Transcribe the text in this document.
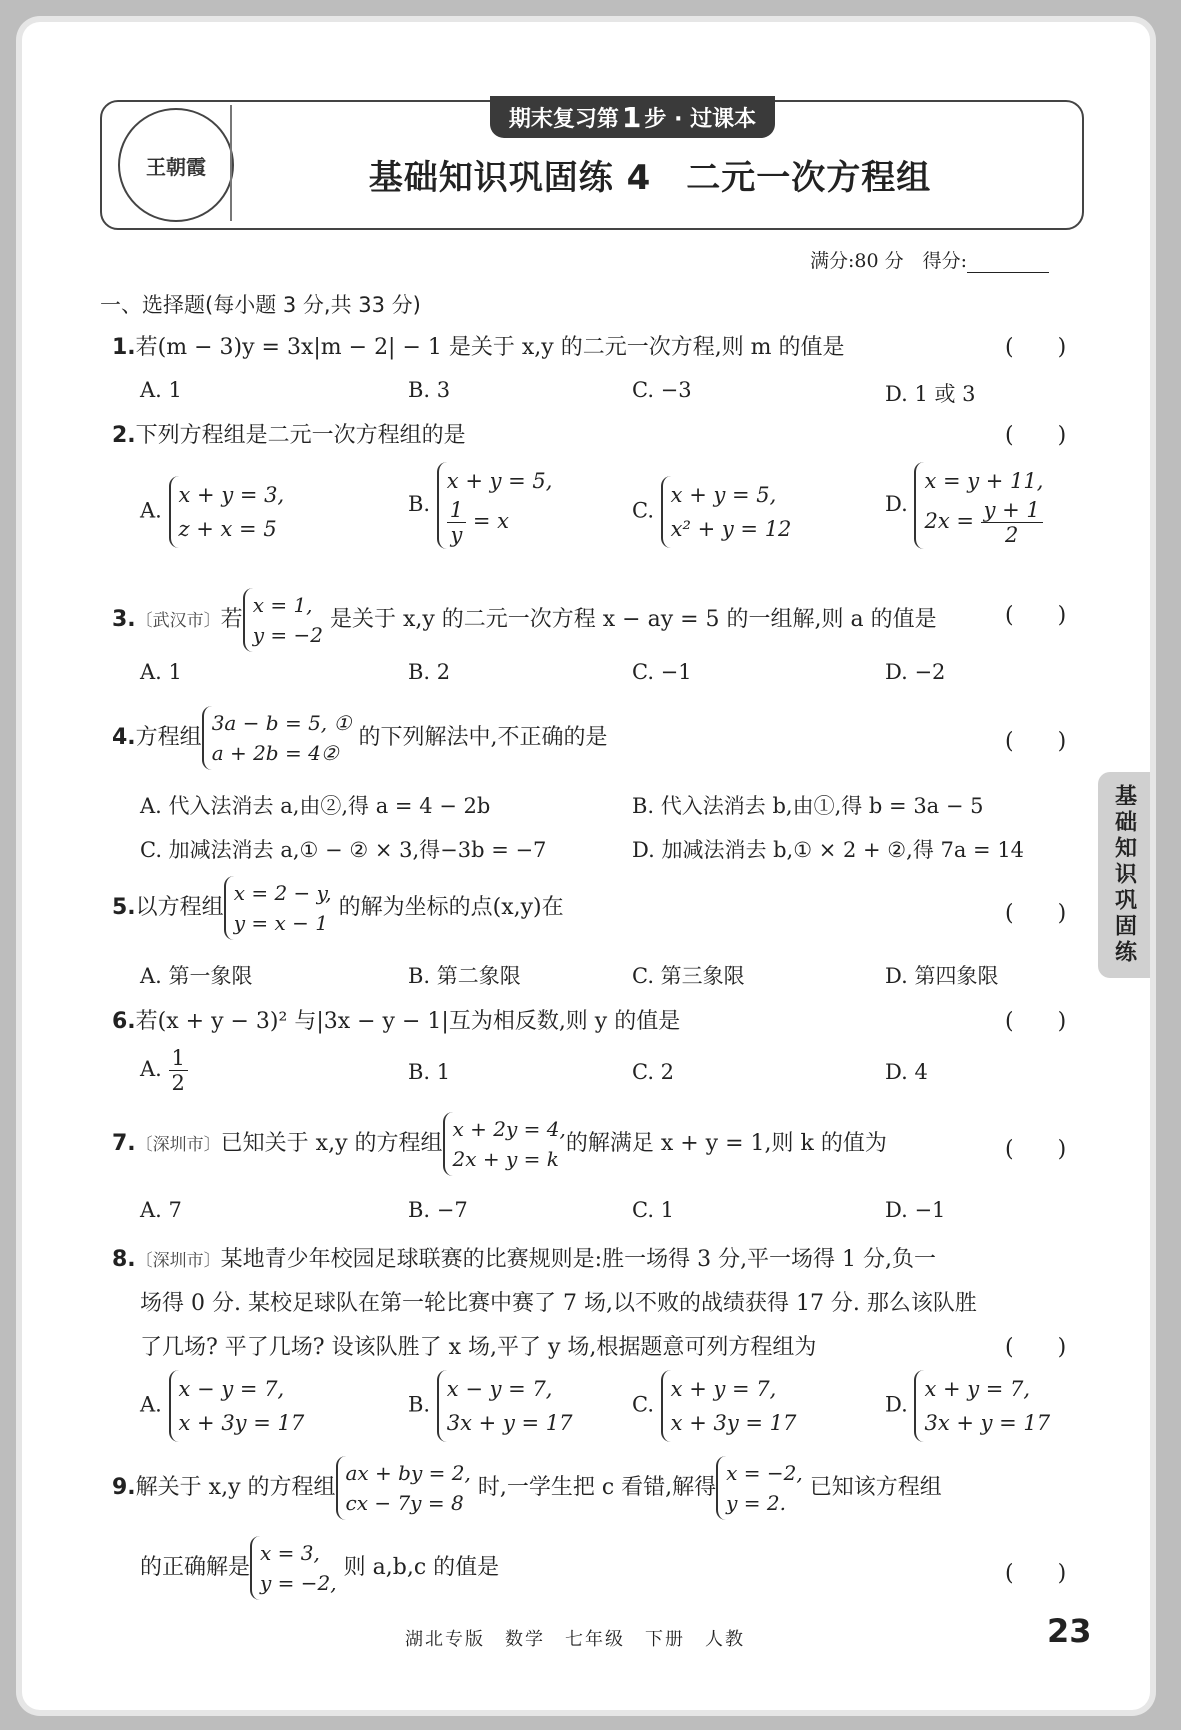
王朝霞
期末复习第 1 步 · 过课本
基础知识巩固练 4　二元一次方程组
满分:80 分　 得分:
一、选择题(每小题 3 分,共 33 分)
1.若(m − 3)y = 3x|m − 2| − 1 是关于 x,y 的二元一次方程,则 m 的值是	(　　)
A. 1	B. 3	C. −3	D. 1 或 3
2.下列方程组是二元一次方程组的是	(　　)
A. x + y = 3,
z + x = 5
B. x + y = 5,

$\frac{1}{y} = x$	C. x + y = 5,
x² + y = 12
D. x = y + 11,
$2x = \frac{y + 1}{2}$
3.〔武汉市〕若x = 1,
y = −2 是关于 x,y 的二元一次方程 x − ay = 5 的一组解,则 a 的值是	(　　)
A. 1	B. 2	C. −1	D. −2
4.方程组3a − b = 5, ①
a + 2b = 4② 的下列解法中,不正确的是	(　　)
A. 代入法消去 a,由②,得 a = 4 − 2b	B. 代入法消去 b,由①,得 b = 3a − 5
C. 加减法消去 a,① − ② × 3,得−3b = −7	D. 加减法消去 b,① × 2 + ②,得 7a = 14
5.以方程组x = 2 − y,
y = x − 1 的解为坐标的点(x,y)在	(　　)
A. 第一象限	B. 第二象限	C. 第三象限	D. 第四象限
6.若(x + y − 3)² 与|3x − y − 1|互为相反数,则 y 的值是	(　　)
A. $\frac{1}{2}$	B. 1	C. 2	D. 4
7.〔深圳市〕已知关于 x,y 的方程组x + 2y = 4,
2x + y = k的解满足 x + y = 1,则 k 的值为	(　　)
A. 7	B. −7	C. 1	D. −1
8.〔深圳市〕某地青少年校园足球联赛的比赛规则是:胜一场得 3 分,平一场得 1 分,负一
场得 0 分. 某校足球队在第一轮比赛中赛了 7 场,以不败的战绩获得 17 分. 那么该队胜
了几场? 平了几场? 设该队胜了 x 场,平了 y 场,根据题意可列方程组为	(　　)
A. x − y = 7,
x + 3y = 17
B. x − y = 7,
3x + y = 17
C. x + y = 7,
x + 3y = 17
D. x + y = 7,
3x + y = 17
9.解关于 x,y 的方程组ax + by = 2,
cx − 7y = 8 时,一学生把 c 看错,解得x = −2,
y = 2. 已知该方程组
的正确解是x = 3,
y = −2, 则 a,b,c 的值是	(　　)
基础知识巩固练
湖北专版　数学　七年级　下册　人教	23
